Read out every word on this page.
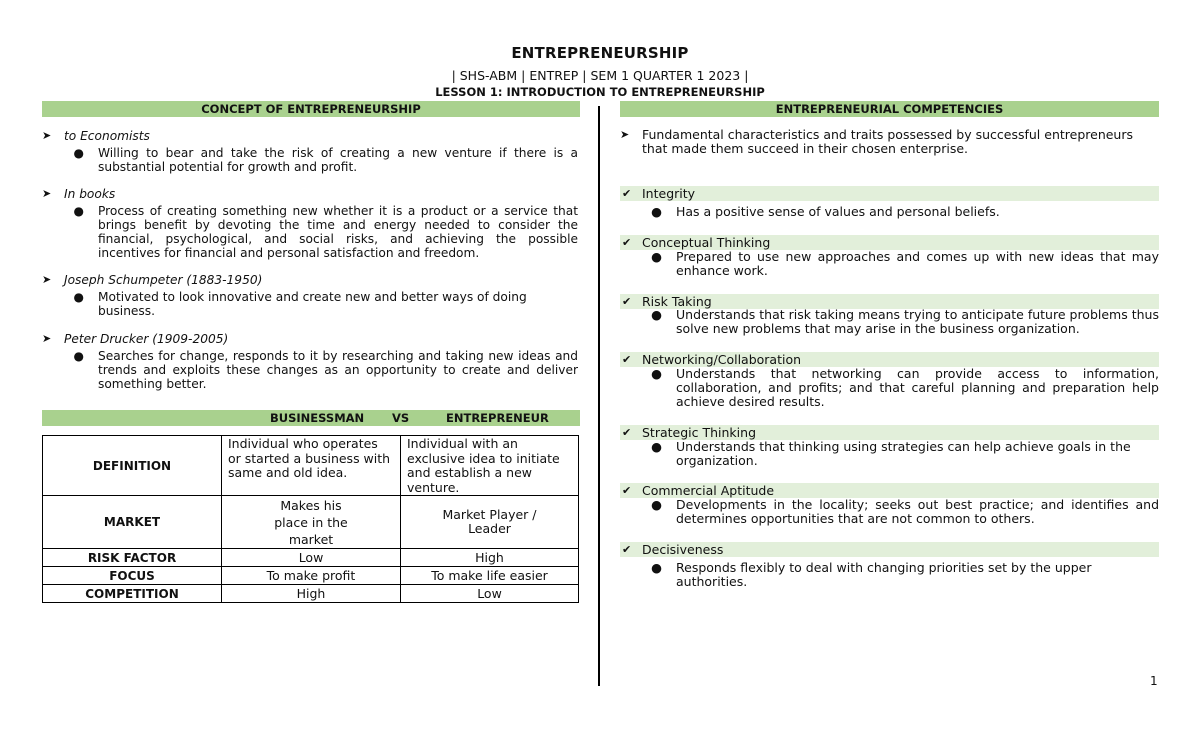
ENTREPRENEURSHIP
| SHS-ABM | ENTREP | SEM 1 QUARTER 1 2023 |
LESSON 1: INTRODUCTION TO ENTREPRENEURSHIP
CONCEPT OF ENTREPRENEURSHIP
➤	to Economists
●	Willing to bear and take the risk of creating a new venture if there is a substantial potential for growth and profit.
➤	In books
●	Process of creating something new whether it is a product or a service that brings benefit by devoting the time and energy needed to consider the financial, psychological, and social risks, and achieving the possible incentives for financial and personal satisfaction and freedom.
➤	Joseph Schumpeter (1883-1950)
●	Motivated to look innovative and create new and better ways of doing business.
➤	Peter Drucker (1909-2005)
●	Searches for change, responds to it by researching and taking new ideas and trends and exploits these changes as an opportunity to create and deliver something better.
BUSINESSMAN VS	ENTREPRENEUR
DEFINITION	Individual who operates or started a business with same and old idea.	Individual with an exclusive idea to initiate and establish a new venture.
MARKET	Makes his place in the market	Market Player / Leader
RISK FACTOR	Low	High
FOCUS	To make profit	To make life easier
COMPETITION	High	Low
ENTREPRENEURIAL COMPETENCIES
➤	Fundamental characteristics and traits possessed by successful entrepreneurs that made them succeed in their chosen enterprise.
✔ Integrity
●	Has a positive sense of values and personal beliefs.
✔ Conceptual Thinking
●	Prepared to use new approaches and comes up with new ideas that may enhance work.
✔ Risk Taking
●	Understands that risk taking means trying to anticipate future problems thus solve new problems that may arise in the business organization.
✔ Networking/Collaboration
●	Understands that networking can provide access to information, collaboration, and profits; and that careful planning and preparation help achieve desired results.
✔ Strategic Thinking
●	Understands that thinking using strategies can help achieve goals in the organization.
✔ Commercial Aptitude
●	Developments in the locality; seeks out best practice; and identifies and determines opportunities that are not common to others.
✔ Decisiveness
●	Responds flexibly to deal with changing priorities set by the upper authorities.
1
